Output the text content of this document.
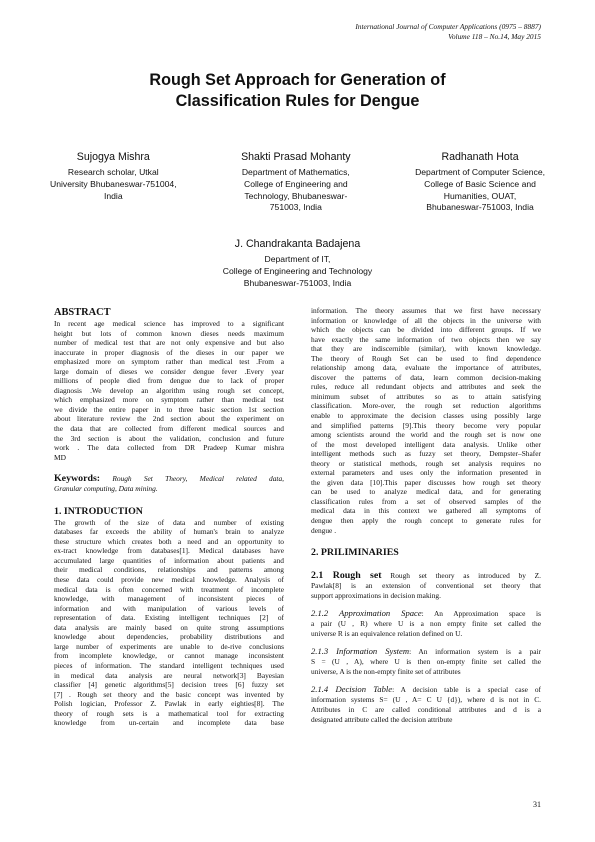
International Journal of Computer Applications (0975 – 8887)
Volume 118 – No.14, May 2015
Rough Set Approach for Generation of
Classification Rules for Dengue
Sujogya Mishra
Research scholar, Utkal
University Bhubaneswar-751004,
India
Shakti Prasad Mohanty
Department of Mathematics,
College of Engineering and
Technology, Bhubaneswar-
751003, India
Radhanath Hota
Department of Computer Science,
College of Basic Science and
Humanities, OUAT,
Bhubaneswar-751003, India
J. Chandrakanta Badajena
Department of IT,
College of Engineering and Technology
Bhubaneswar-751003, India
ABSTRACT
In recent age medical science has improved to a significant
height but lots of common known dieses needs maximum
number of medical test that are not only expensive and but also
inaccurate in proper diagnosis of the dieses in our paper we
emphasized more on symptom rather than medical test .From a
large domain of dieses we consider dengue fever .Every year
millions of people died from dengue due to lack of proper
diagnosis .We develop an algorithm using rough set concept,
which emphasized more on symptom rather than medical test
we divide the entire paper in to three basic section 1st section
about literature review the 2nd section about the experiment on
the data that are collected from different medical sources and
the 3rd section is about the validation, conclusion and future
work . The data collected from DR Pradeep Kumar mishra
MD
Keywords: Rough Set Theory, Medical related data,
Granular computing, Data mining.
1. INTRODUCTION
The growth of the size of data and number of existing
databases far exceeds the ability of human's brain to analyze
these structure which creates both a need and an opportunity to
ex-tract knowledge from databases[1]. Medical databases have
accumulated large quantities of information about patients and
their medical conditions, relationships and patterns among
these data could provide new medical knowledge. Analysis of
medical data is often concerned with treatment of incomplete
knowledge, with management of inconsistent pieces of
information and with manipulation of various levels of
representation of data. Existing intelligent techniques [2] of
data analysis are mainly based on quite strong assumptions
knowledge about dependencies, probability distributions and
large number of experiments are unable to de-rive conclusions
from incomplete knowledge, or cannot manage inconsistent
pieces of information. The standard intelligent techniques used
in medical data analysis are neural network[3] Bayesian
classifier [4] genetic algorithms[5] decision trees [6] fuzzy set
[7] . Rough set theory and the basic concept was invented by
Polish logician, Professor Z. Pawlak in early eighties[8]. The
theory of rough sets is a mathematical tool for extracting
knowledge from un-certain and incomplete data base
information. The theory assumes that we first have necessary
information or knowledge of all the objects in the universe with
which the objects can be divided into different groups. If we
have exactly the same information of two objects then we say
that they are indiscernible (similar), with known knowledge.
The theory of Rough Set can be used to find dependence
relationship among data, evaluate the importance of attributes,
discover the patterns of data, learn common decision-making
rules, reduce all redundant objects and attributes and seek the
minimum subset of attributes so as to attain satisfying
classification. More-over, the rough set reduction algorithms
enable to approximate the decision classes using possibly large
and simplified patterns [9].This theory become very popular
among scientists around the world and the rough set is now one
of the most developed intelligent data analysis. Unlike other
intelligent methods such as fuzzy set theory, Dempster–Shafer
theory or statistical methods, rough set analysis requires no
external parameters and uses only the information presented in
the given data [10].This paper discusses how rough set theory
can be used to analyze medical data, and for generating
classification rules from a set of observed samples of the
medical data in this context we gathered all symptoms of
dengue then apply the rough concept to generate rules for
dengue .
2. PRILIMINARIES
2.1 Rough set Rough set theory as introduced by Z.
Pawlak[8] is an extension of conventional set theory that
support approximations in decision making.
2.1.2 Approximation Space: An Approximation space is
a pair (U , R) where U is a non empty finite set called the
universe R is an equivalence relation defined on U.
2.1.3 Information System: An information system is a pair
S = (U , A), where U is then on-empty finite set called the
universe, A is the non-empty finite set of attributes
2.1.4 Decision Table: A decision table is a special case of
information systems S= (U , A= C U {d}), where d is not in C.
Attributes in C are called conditional attributes and d is a
designated attribute called the decision attribute
31
